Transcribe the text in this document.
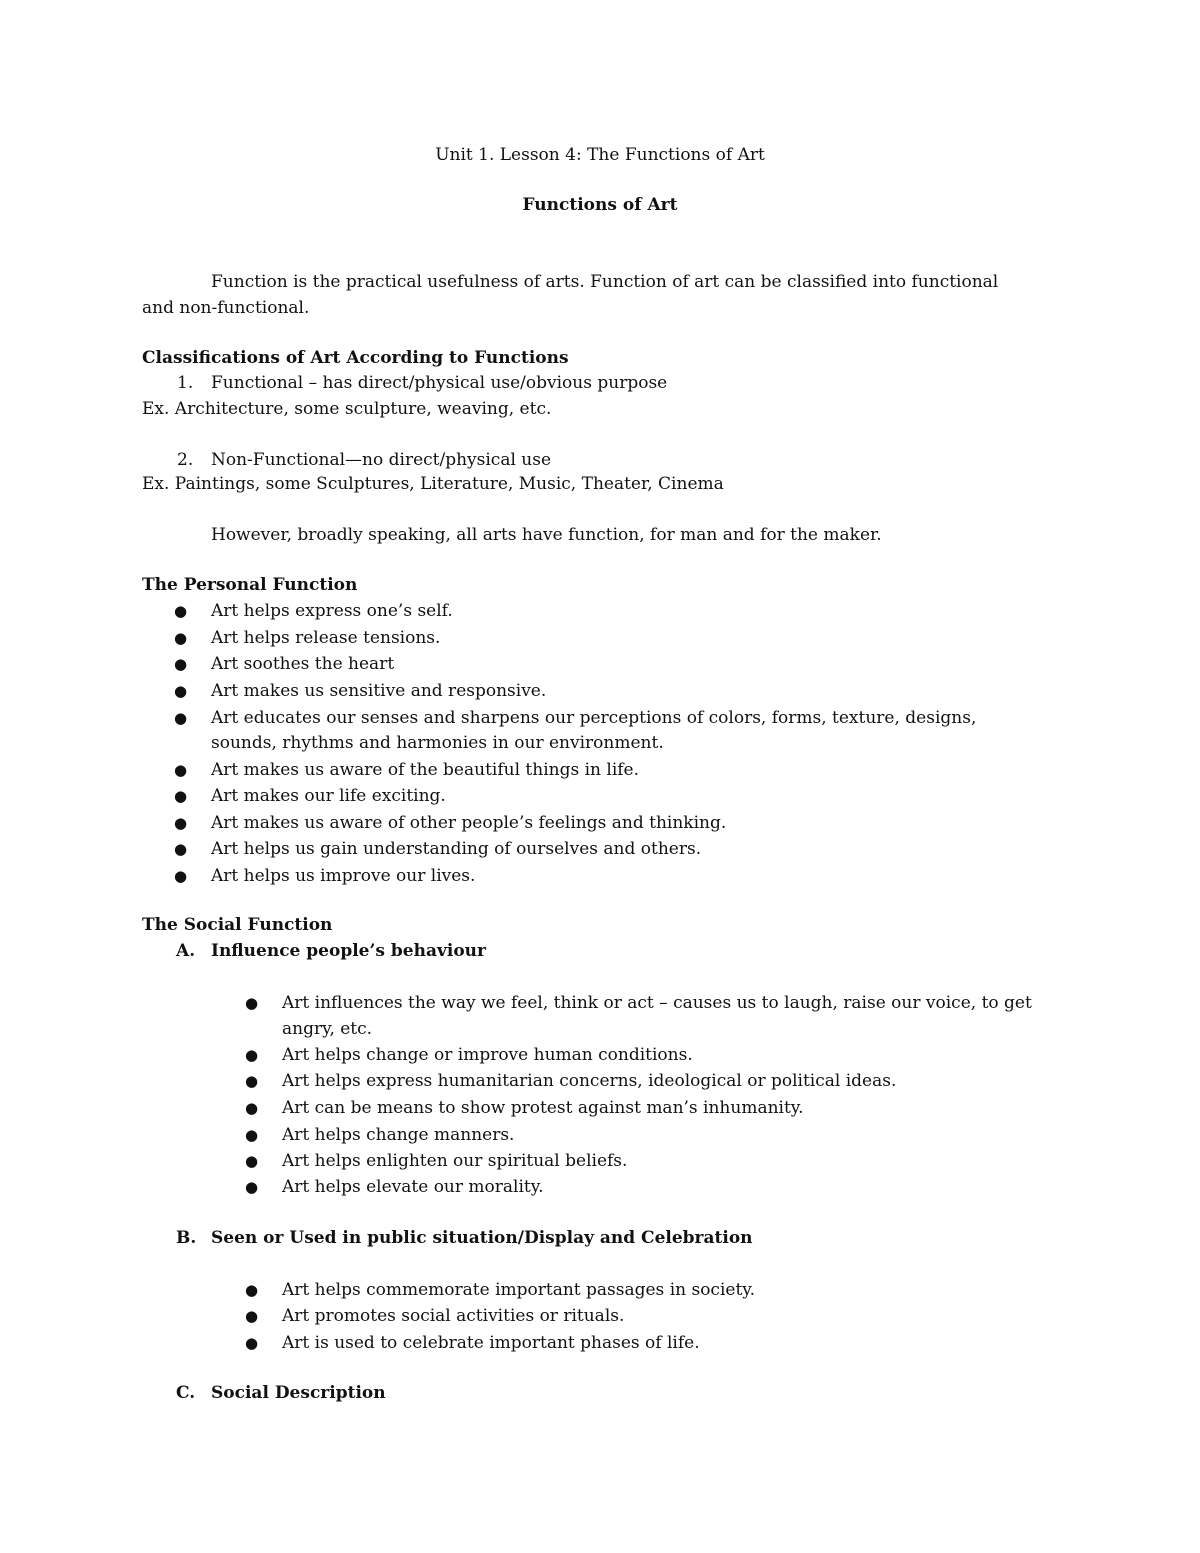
Unit 1. Lesson 4: The Functions of Art
Functions of Art
Function is the practical usefulness of arts. Function of art can be classified into functional
and non-functional.
Classifications of Art According to Functions
1. Functional – has direct/physical use/obvious purpose
Ex. Architecture, some sculpture, weaving, etc.
2. Non-Functional—no direct/physical use
Ex. Paintings, some Sculptures, Literature, Music, Theater, Cinema
However, broadly speaking, all arts have function, for man and for the maker.
The Personal Function
● Art helps express one’s self.
● Art helps release tensions.
● Art soothes the heart
● Art makes us sensitive and responsive.
● Art educates our senses and sharpens our perceptions of colors, forms, texture, designs,
sounds, rhythms and harmonies in our environment.
● Art makes us aware of the beautiful things in life.
● Art makes our life exciting.
● Art makes us aware of other people’s feelings and thinking.
● Art helps us gain understanding of ourselves and others.
● Art helps us improve our lives.
The Social Function
A. Influence people’s behaviour
● Art influences the way we feel, think or act – causes us to laugh, raise our voice, to get
angry, etc.
● Art helps change or improve human conditions.
● Art helps express humanitarian concerns, ideological or political ideas.
● Art can be means to show protest against man’s inhumanity.
● Art helps change manners.
● Art helps enlighten our spiritual beliefs.
● Art helps elevate our morality.
B. Seen or Used in public situation/Display and Celebration
● Art helps commemorate important passages in society.
● Art promotes social activities or rituals.
● Art is used to celebrate important phases of life.
C. Social Description
